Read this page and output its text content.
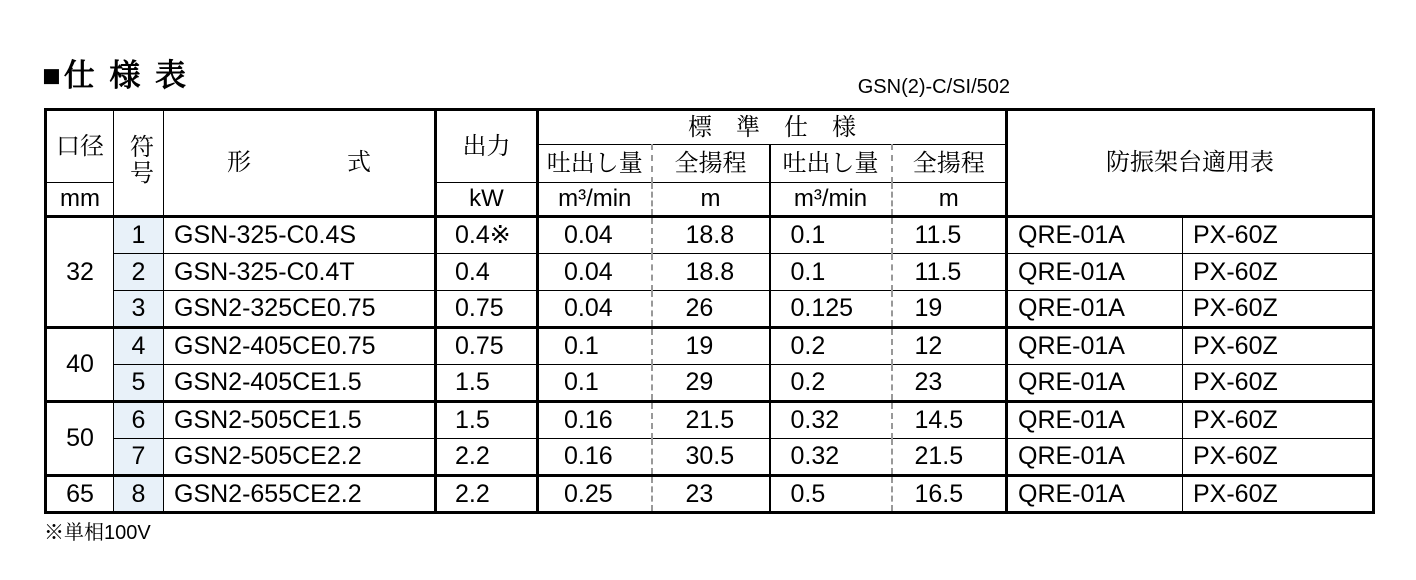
■仕 様 表	GSN(2)-C/SI/502
口径	符号	形　　　　式	出力	標　準　仕　様				防振架台適用表	
				吐出し量	全揚程	吐出し量	全揚程		
mm			kW	m³/min	m	m³/min	m		
32	1	GSN-325-C0.4S	0.4※	0.04	18.8	0.1	11.5	QRE-01A	PX-60Z
	2	GSN-325-C0.4T	0.4	0.04	18.8	0.1	11.5	QRE-01A	PX-60Z
	3	GSN2-325CE0.75	0.75	0.04	26	0.125	19	QRE-01A	PX-60Z
40	4	GSN2-405CE0.75	0.75	0.1	19	0.2	12	QRE-01A	PX-60Z
	5	GSN2-405CE1.5	1.5	0.1	29	0.2	23	QRE-01A	PX-60Z
50	6	GSN2-505CE1.5	1.5	0.16	21.5	0.32	14.5	QRE-01A	PX-60Z
	7	GSN2-505CE2.2	2.2	0.16	30.5	0.32	21.5	QRE-01A	PX-60Z
65	8	GSN2-655CE2.2	2.2	0.25	23	0.5	16.5	QRE-01A	PX-60Z
※単相100V
